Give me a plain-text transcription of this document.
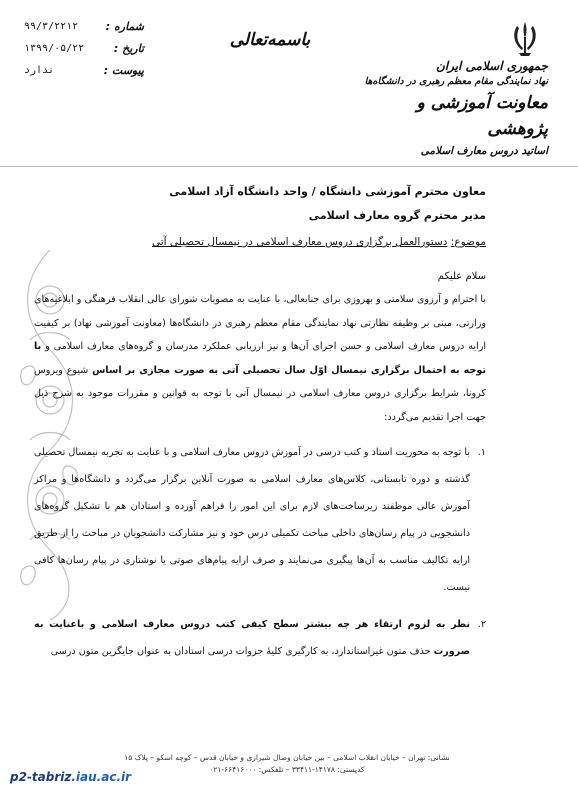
شماره :
۹۹/۳/۲۲۱۲
تاریخ :
۱۳۹۹/۰۵/۲۲
پیوست :
ندارد
باسمه‌تعالی
جمهوری اسلامی ایران
نهاد نمایندگی مقام معظم رهبری در دانشگاه‌ها
معاونت آموزشی و پژوهشی
اساتید دروس معارف اسلامی

معاون محترم آموزشی دانشگاه / واحد دانشگاه آزاد اسلامی

مدیر محترم گروه معارف اسلامی

موضوع: دستورالعمل برگزاری دروس معارف اسلامی در نیمسال تحصیلی آتی

سلام علیکم

با احترام و آرزوی سلامتی و بهروزی برای جنابعالی، با عنایت به مصوبات شورای عالی انقلاب فرهنگی و ابلاغیه‌های وزارتی، مبنی بر وظیفه نظارتی نهاد نمایندگی مقام معظم رهبری در دانشگاه‌ها (معاونت آموزشی نهاد) بر کیفیت ارایه دروس معارف اسلامی و حسن اجرای آن‌ها و نیز ارزیابی عملکرد مدرسان و گروه‌های معارف اسلامی و با توجه به احتمال برگزاری نیمسال اوّل سال تحصیلی آتی به صورت مجازی بر اساس شیوع ویروس کرونا، شرایط برگزاری دروس معارف اسلامی در نیمسال آتی با توجه به قوانین و مقررات موجود به شرح ذیل جهت اجرا تقدیم می‌گردد:

۱.
با توجه به محوریت استاد و کتب درسی در آموزش دروس معارف اسلامی و با عنایت به تجربه نیمسال تحصیلی گذشته و دوره تابستانی، کلاس‌های معارف اسلامی به صورت آنلاین برگزار می‌گردد و دانشگاه‌ها و مراکز آموزش عالی موظفند زیرساخت‌های لازم برای این امور را فراهم آورده و استادان هم با تشکیل گروه‌های دانشجویی در پیام رسان‌های داخلی مباحث تکمیلی درس خود و نیز مشارکت دانشجویان در مباحث را از طریق ارایه تکالیف مناسب به آن‌ها پیگیری می‌نمایند و صرف ارایه پیام‌های صوتی یا نوشتاری در پیام رسان‌ها کافی نیست.
۲.
نظر به لزوم ارتقاء هر چه بیشتر سطح کیفی کتب دروس معارف اسلامی و باعنایت به ضرورت حذف متون غیراستاندارد، به کارگیری کلیهٔ جزوات درسی استادان به عنوان جایگزین متون درسی
نشانی: تهران – خیابان انقلاب اسلامی – بین خیابان وصال شیرازی و خیابان قدس – کوچه اسکو – پلاک ۱۵
کدپستی: ۱۴۱۷۸-۳۳۴۱۱ – تلفکس: ۶۶۴۱۶۰۰۰-۰۲۱
p2-tabriz.iau.ac.ir
